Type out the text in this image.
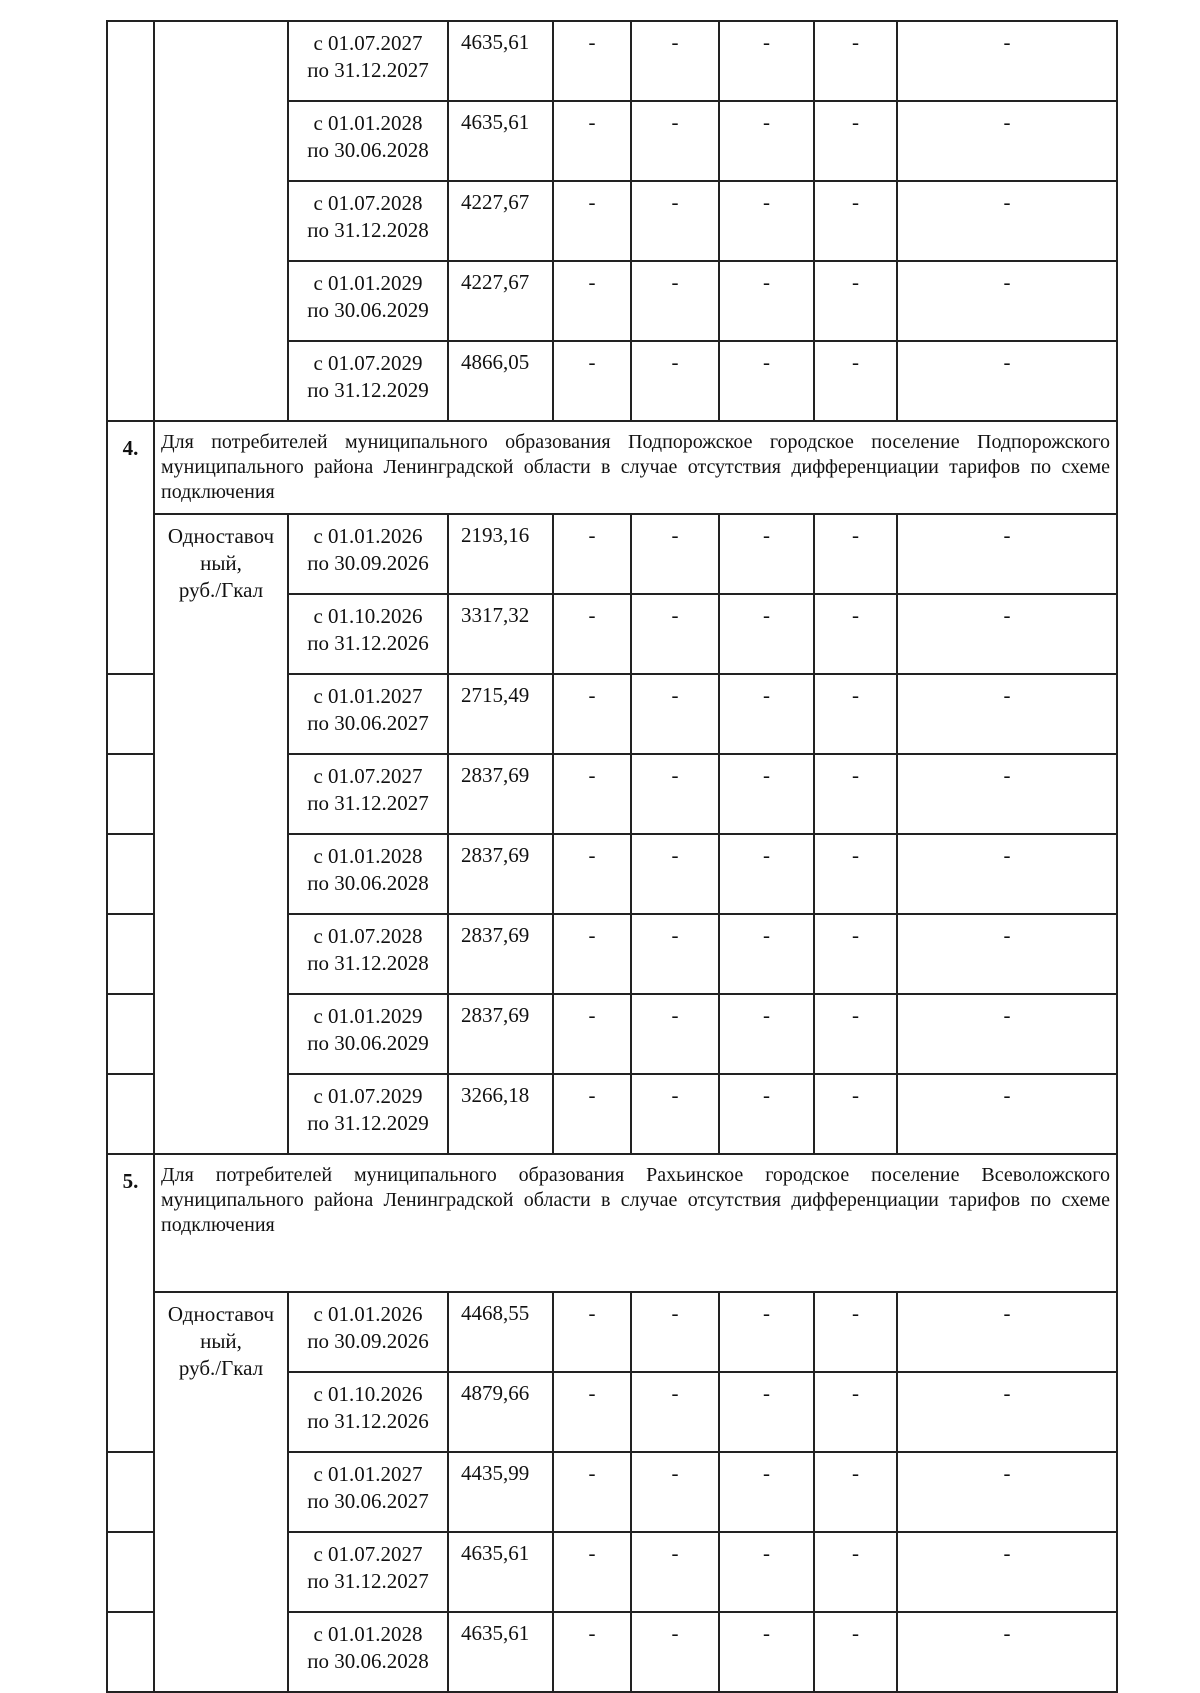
		с 01.07.2027
по 31.12.2027	4635,61	-	-	-	-	-
		с 01.01.2028
по 30.06.2028	4635,61	-	-	-	-	-
		с 01.07.2028
по 31.12.2028	4227,67	-	-	-	-	-
		с 01.01.2029
по 30.06.2029	4227,67	-	-	-	-	-
		с 01.07.2029
по 31.12.2029	4866,05	-	-	-	-	-
4.	Для потребителей муниципального образования Подпорожское городское поселение Подпорожского муниципального района Ленинградской области в случае отсутствия дифференциации тарифов по схеме подключения							
	Одноставоч
ный,
руб./Гкал	с 01.01.2026
по 30.09.2026	2193,16	-	-	-	-	-
		с 01.10.2026
по 31.12.2026	3317,32	-	-	-	-	-
		с 01.01.2027
по 30.06.2027	2715,49	-	-	-	-	-
		с 01.07.2027
по 31.12.2027	2837,69	-	-	-	-	-
		с 01.01.2028
по 30.06.2028	2837,69	-	-	-	-	-
		с 01.07.2028
по 31.12.2028	2837,69	-	-	-	-	-
		с 01.01.2029
по 30.06.2029	2837,69	-	-	-	-	-
		с 01.07.2029
по 31.12.2029	3266,18	-	-	-	-	-
5.	Для потребителей муниципального образования Рахьинское городское поселение Всеволожского муниципального района Ленинградской области в случае отсутствия дифференциации тарифов по схеме подключения							
	Одноставоч
ный,
руб./Гкал	с 01.01.2026
по 30.09.2026	4468,55	-	-	-	-	-
		с 01.10.2026
по 31.12.2026	4879,66	-	-	-	-	-
		с 01.01.2027
по 30.06.2027	4435,99	-	-	-	-	-
		с 01.07.2027
по 31.12.2027	4635,61	-	-	-	-	-
		с 01.01.2028
по 30.06.2028	4635,61	-	-	-	-	-
